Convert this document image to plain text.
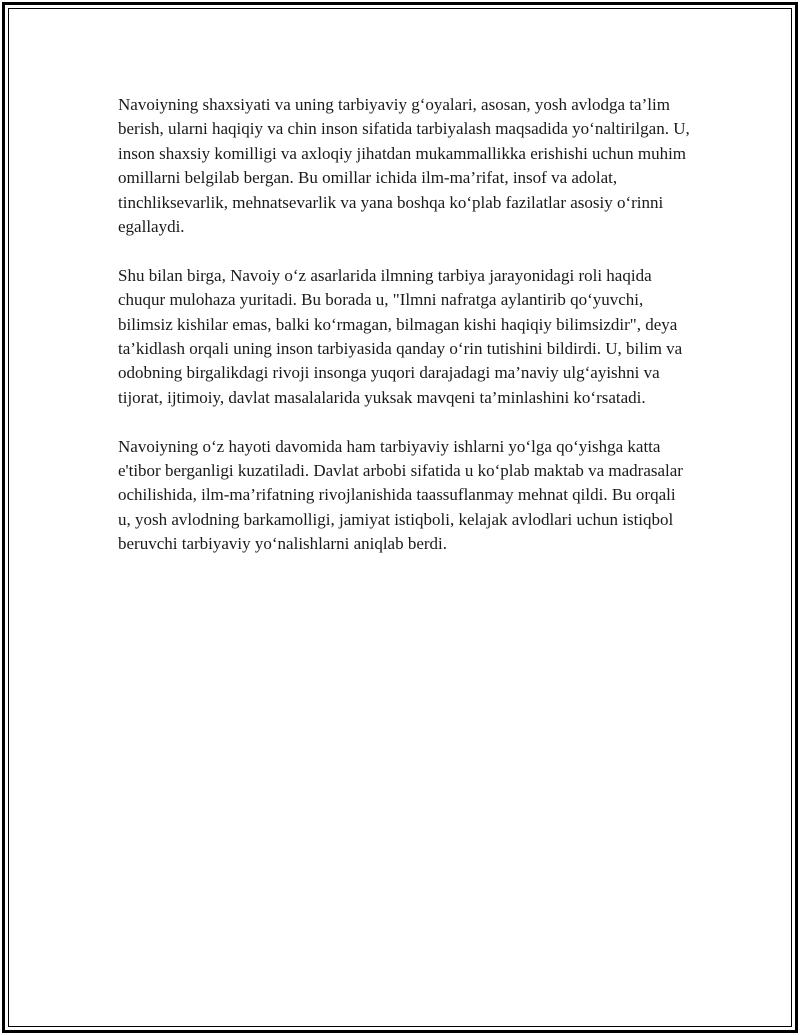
Navoiyning shaxsiyati va uning tarbiyaviy g‘oyalari, asosan, yosh avlodga ta’lim berish, ularni haqiqiy va chin inson sifatida tarbiyalash maqsadida yo‘naltirilgan. U, inson shaxsiy komilligi va axloqiy jihatdan mukammallikka erishishi uchun muhim omillarni belgilab bergan. Bu omillar ichida ilm-ma’rifat, insof va adolat, tinchliksevarlik, mehnatsevarlik va yana boshqa ko‘plab fazilatlar asosiy o‘rinni egallaydi.

Shu bilan birga, Navoiy o‘z asarlarida ilmning tarbiya jarayonidagi roli haqida chuqur mulohaza yuritadi. Bu borada u, "Ilmni nafratga aylantirib qo‘yuvchi, bilimsiz kishilar emas, balki ko‘rmagan, bilmagan kishi haqiqiy bilimsizdir", deya ta’kidlash orqali uning inson tarbiyasida qanday o‘rin tutishini bildirdi. U, bilim va odobning birgalikdagi rivoji insonga yuqori darajadagi ma’naviy ulg‘ayishni va tijorat, ijtimoiy, davlat masalalarida yuksak mavqeni ta’minlashini ko‘rsatadi.

Navoiyning o‘z hayoti davomida ham tarbiyaviy ishlarni yo‘lga qo‘yishga katta e'tibor berganligi kuzatiladi. Davlat arbobi sifatida u ko‘plab maktab va madrasalar ochilishida, ilm-ma’rifatning rivojlanishida taassuflanmay mehnat qildi. Bu orqali u, yosh avlodning barkamolligi, jamiyat istiqboli, kelajak avlodlari uchun istiqbol beruvchi tarbiyaviy yo‘nalishlarni aniqlab berdi.
